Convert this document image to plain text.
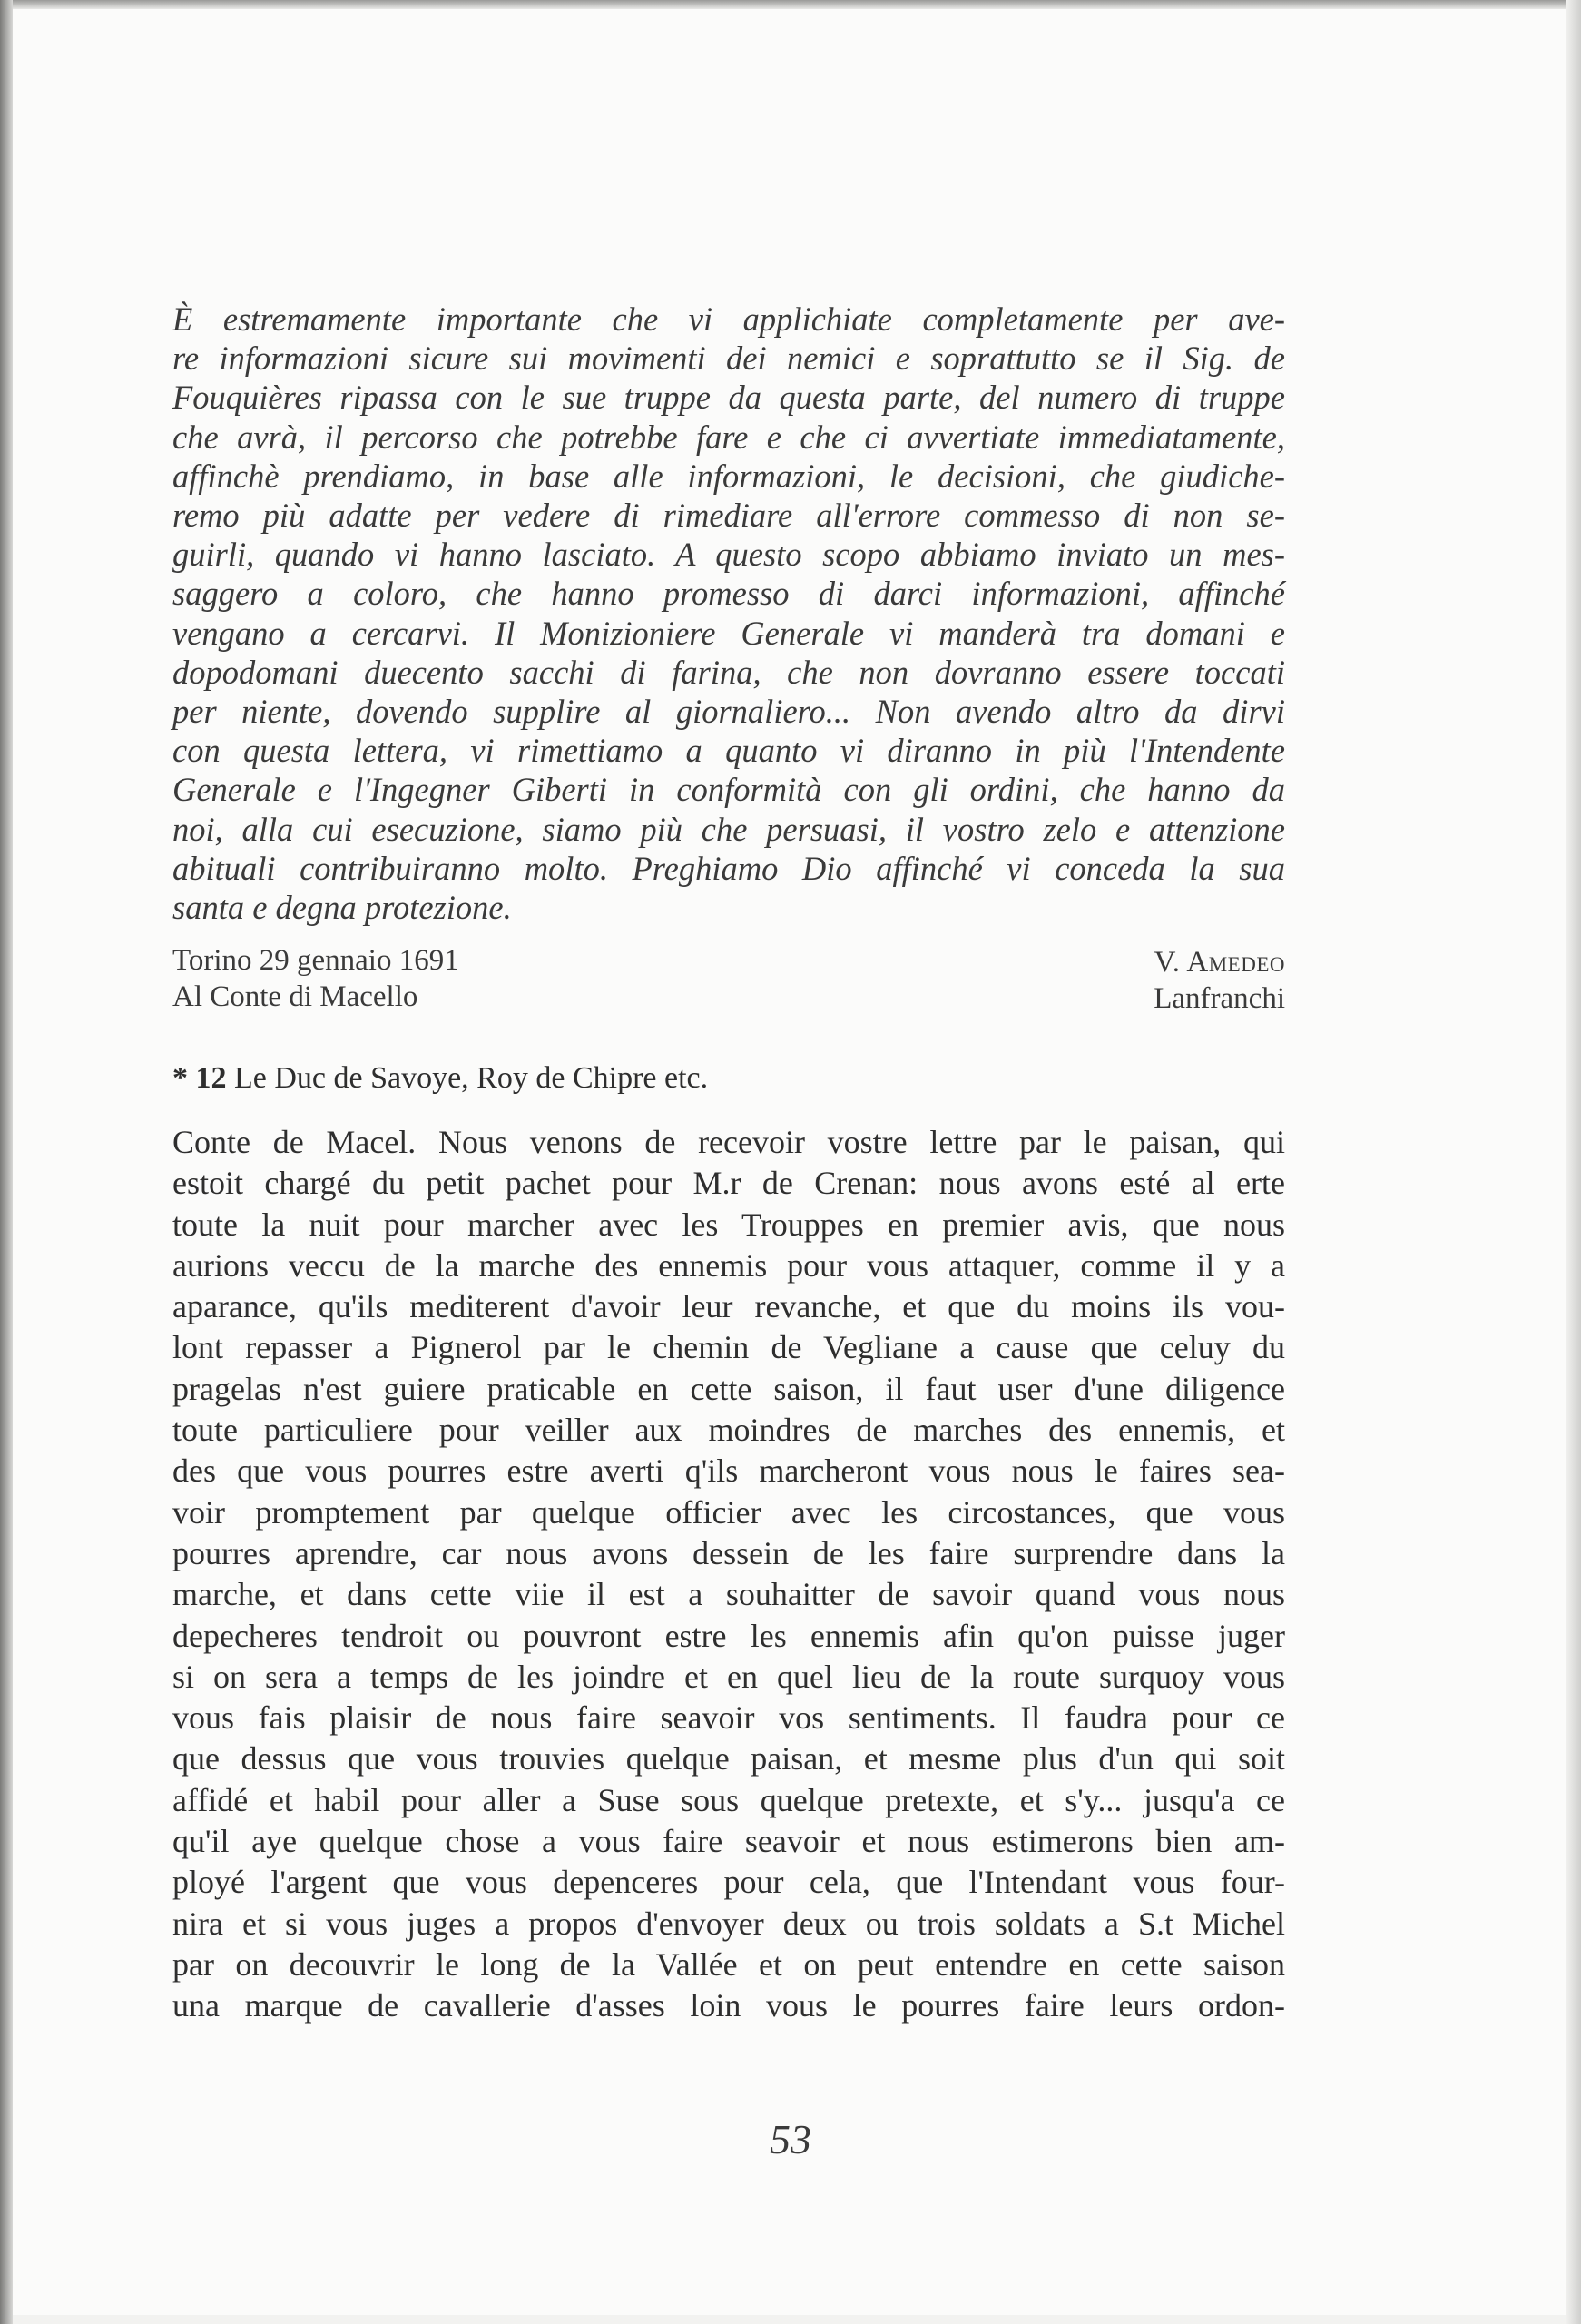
È estremamente importante che vi applichiate completamente per ave-
re informazioni sicure sui movimenti dei nemici e soprattutto se il Sig. de
Fouquières ripassa con le sue truppe da questa parte, del numero di truppe
che avrà, il percorso che potrebbe fare e che ci avvertiate immediatamente,
affinchè prendiamo, in base alle informazioni, le decisioni, che giudiche-
remo più adatte per vedere di rimediare all'errore commesso di non se-
guirli, quando vi hanno lasciato. A questo scopo abbiamo inviato un mes-
saggero a coloro, che hanno promesso di darci informazioni, affinché
vengano a cercarvi. Il Monizioniere Generale vi manderà tra domani e
dopodomani duecento sacchi di farina, che non dovranno essere toccati
per niente, dovendo supplire al giornaliero... Non avendo altro da dirvi
con questa lettera, vi rimettiamo a quanto vi diranno in più l'Intendente
Generale e l'Ingegner Giberti in conformità con gli ordini, che hanno da
noi, alla cui esecuzione, siamo più che persuasi, il vostro zelo e attenzione
abituali contribuiranno molto. Preghiamo Dio affinché vi conceda la sua
santa e degna protezione.
Torino 29 gennaio 1691
Al Conte di Macello
V. Amedeo
Lanfranchi
* 12 Le Duc de Savoye, Roy de Chipre etc.
Conte de Macel. Nous venons de recevoir vostre lettre par le paisan, qui
estoit chargé du petit pachet pour M.r de Crenan: nous avons esté al erte
toute la nuit pour marcher avec les Trouppes en premier avis, que nous
aurions veccu de la marche des ennemis pour vous attaquer, comme il y a
aparance, qu'ils mediterent d'avoir leur revanche, et que du moins ils vou-
lont repasser a Pignerol par le chemin de Vegliane a cause que celuy du
pragelas n'est guiere praticable en cette saison, il faut user d'une diligence
toute particuliere pour veiller aux moindres de marches des ennemis, et
des que vous pourres estre averti q'ils marcheront vous nous le faires sea-
voir promptement par quelque officier avec les circostances, que vous
pourres aprendre, car nous avons dessein de les faire surprendre dans la
marche, et dans cette viie il est a souhaitter de savoir quand vous nous
depecheres tendroit ou pouvront estre les ennemis afin qu'on puisse juger
si on sera a temps de les joindre et en quel lieu de la route surquoy vous
vous fais plaisir de nous faire seavoir vos sentiments. Il faudra pour ce
que dessus que vous trouvies quelque paisan, et mesme plus d'un qui soit
affidé et habil pour aller a Suse sous quelque pretexte, et s'y... jusqu'a ce
qu'il aye quelque chose a vous faire seavoir et nous estimerons bien am-
ployé l'argent que vous depenceres pour cela, que l'Intendant vous four-
nira et si vous juges a propos d'envoyer deux ou trois soldats a S.t Michel
par on decouvrir le long de la Vallée et on peut entendre en cette saison
una marque de cavallerie d'asses loin vous le pourres faire leurs ordon-
53
